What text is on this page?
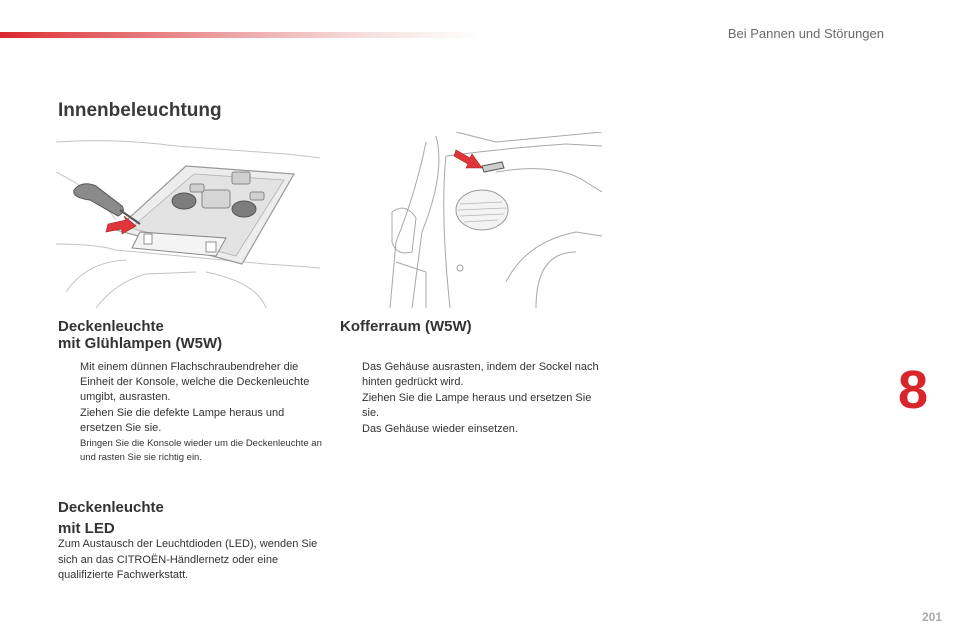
Bei Pannen und Störungen
Innenbeleuchtung
Deckenleuchte
mit Glühlampen (W5W)
Mit einem dünnen Flachschraubendreher die Einheit der Konsole, welche die Deckenleuchte umgibt, ausrasten.
Ziehen Sie die defekte Lampe heraus und ersetzen Sie sie.
Bringen Sie die Konsole wieder um die Deckenleuchte an und rasten Sie sie richtig ein.
Deckenleuchte
mit LED

Zum Austausch der Leuchtdioden (LED), wenden Sie sich an das CITROËN-Händlernetz oder eine qualifizierte Fachwerkstatt.

Kofferraum (W5W)
Das Gehäuse ausrasten, indem der Sockel nach hinten gedrückt wird.
Ziehen Sie die Lampe heraus und ersetzen Sie sie.
Das Gehäuse wieder einsetzen.
8
201
